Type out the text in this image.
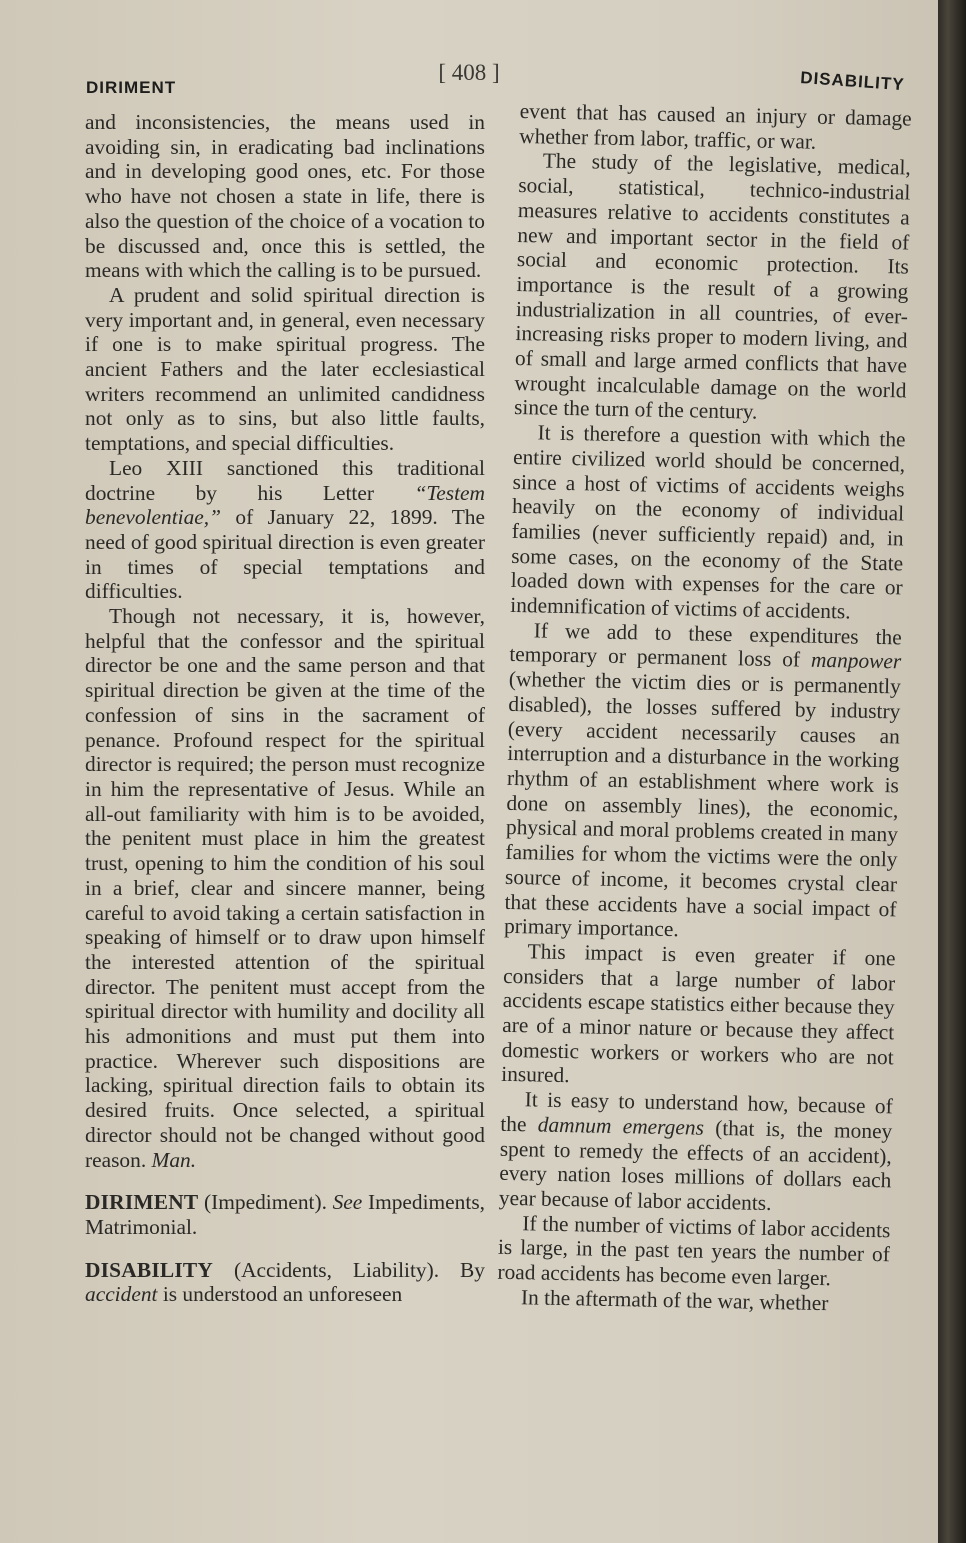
DIRIMENT
[ 408 ]	DISABILITY

and inconsistencies, the means used in avoiding sin, in eradicating bad inclinations and in developing good ones, etc. For those who have not chosen a state in life, there is also the question of the choice of a vocation to be discussed and, once this is settled, the means with which the calling is to be pursued.

A prudent and solid spiritual direction is very important and, in general, even necessary if one is to make spiritual progress. The ancient Fathers and the later ecclesiastical writers recommend an unlimited candidness not only as to sins, but also little faults, temptations, and special difficulties.

Leo XIII sanctioned this traditional doctrine by his Letter “Testem benevolentiae,” of January 22, 1899. The need of good spiritual direction is even greater in times of special temptations and difficulties.

Though not necessary, it is, however, helpful that the confessor and the spiritual director be one and the same person and that spiritual direction be given at the time of the confession of sins in the sacrament of penance. Profound respect for the spiritual director is required; the person must recognize in him the representative of Jesus. While an all-out familiarity with him is to be avoided, the penitent must place in him the greatest trust, opening to him the condition of his soul in a brief, clear and sincere manner, being careful to avoid taking a certain satisfaction in speaking of himself or to draw upon himself the interested attention of the spiritual director. The penitent must accept from the spiritual director with humility and docility all his admonitions and must put them into practice. Wherever such dispositions are lacking, spiritual direction fails to obtain its desired fruits. Once selected, a spiritual director should not be changed without good reason. Man.

DIRIMENT (Impediment). See Impediments, Matrimonial.

DISABILITY (Accidents, Liability). By accident is understood an unforeseen

event that has caused an injury or damage whether from labor, traffic, or war.

The study of the legislative, medical, social, statistical, technico-industrial measures relative to accidents constitutes a new and important sector in the field of social and economic protection. Its importance is the result of a growing industrialization in all countries, of ever-increasing risks proper to modern living, and of small and large armed conflicts that have wrought incalculable damage on the world since the turn of the century.

It is therefore a question with which the entire civilized world should be concerned, since a host of victims of accidents weighs heavily on the economy of individual families (never sufficiently repaid) and, in some cases, on the economy of the State loaded down with expenses for the care or indemnification of victims of accidents.

If we add to these expenditures the temporary or permanent loss of manpower (whether the victim dies or is permanently disabled), the losses suffered by industry (every accident necessarily causes an interruption and a disturbance in the working rhythm of an establishment where work is done on assembly lines), the economic, physical and moral problems created in many families for whom the victims were the only source of income, it becomes crystal clear that these accidents have a social impact of primary importance.

This impact is even greater if one considers that a large number of labor accidents escape statistics either because they are of a minor nature or because they affect domestic workers or workers who are not insured.

It is easy to understand how, because of the damnum emergens (that is, the money spent to remedy the effects of an accident), every nation loses millions of dollars each year because of labor accidents.

If the number of victims of labor accidents is large, in the past ten years the number of road accidents has become even larger.

In the aftermath of the war, whether
